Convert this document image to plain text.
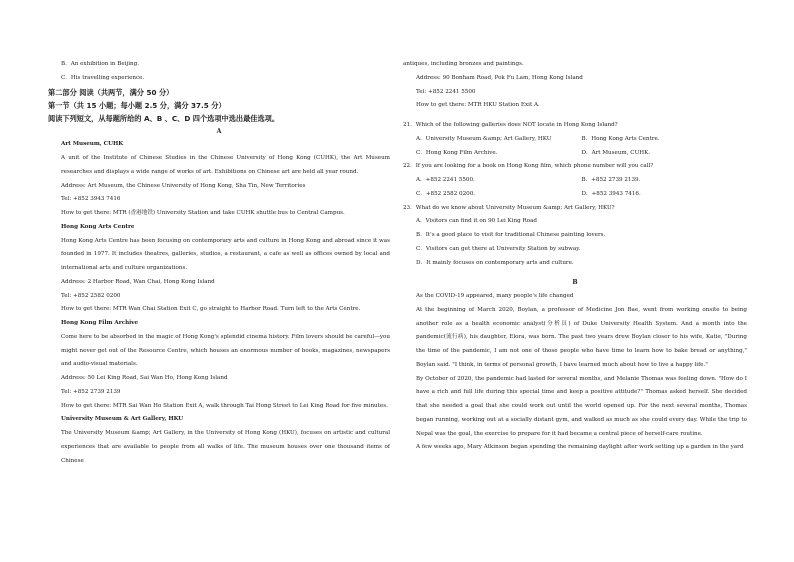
B．An exhibition in Beijing.
C．His travelling experience.
第二部分 阅读（共两节，满分 50 分）
第一节（共 15 小题；每小题 2.5 分，满分 37.5 分）
阅读下列短文，从每题所给的 A、B 、C、D 四个选项中选出最佳选项。
A
Art Museum, CUHK
A unit of the Institute of Chinese Studies in the Chinese University of Hong Kong (CUHK), the Art Museum researches and displays a wide range of works of art. Exhibitions on Chinese art are held all year round.
Address: Art Museum, the Chinese University of Hong Kong, Sha Tin, New Territories
Tel: +852 3943 7416
How to get there: MTR (香港地铁) University Station and take CUHK shuttle bus to Central Campus.
Hong Kong Arts Centre
Hong Kong Arts Centre has been focusing on contemporary arts and culture in Hong Kong and abroad since it was founded in 1977. It includes theatres, galleries, studios, a restaurant, a cafe as well as offices owned by local and international arts and culture organizations.
Address: 2 Harbor Road, Wan Chai, Hong Kong Island
Tel: +852 2582 0200
How to get there: MTR Wan Chai Station Exit C, go straight to Harbor Road. Turn left to the Arts Centre.
Hong Kong Film Archive
Come here to be absorbed in the magic of Hong Kong's splendid cinema history. Film lovers should be careful—you might never get out of the Resource Centre, which houses an enormous number of books, magazines, newspapers and audio-visual materials.
Address: 50 Lei King Road, Sai Wan Ho, Hong Kong Island
Tel: +852 2739 2139
How to get there: MTR Sai Wan Ho Station Exit A, walk through Tai Hong Street to Lei King Road for five minutes.
University Museum & Art Gallery, HKU
The University Museum &amp; Art Gallery, in the University of Hong Kong (HKU), focuses on artistic and cultural experiences that are available to people from all walks of life. The museum houses over one thousand items of Chinese
antiques, including bronzes and paintings.
Address: 90 Bonham Road, Pok Fu Lam, Hong Kong Island
Tel: +852 2241 5500
How to get there: MTR HKU Station Exit A．
21．Which of the following galleries does NOT locate in Hong Kong Island?
A．University Museum &amp; Art Gallery, HKU	B．Hong Kong Arts Centre.
C．Hong Kong Film Archive.	D．Art Museum, CUHK.
22．If you are looking for a book on Hong Kong film, which phone number will you call?
A．+852 2241 5500.	B．+852 2739 2139.
C．+852 2582 0200.	D．+852 3943 7416.
23．What do we know about University Museum &amp; Art Gallery, HKU?
A．Visitors can find it on 90 Lei King Road
B．It's a good place to visit for traditional Chinese painting lovers.
C．Visitors can get there at University Station by subway.
D．It mainly focuses on contemporary arts and culture.
B
As the COVID-19 appeared, many people's life changed
At the beginning of March 2020, Boylan, a professor of Medicine Jon Bae, went from working onsite to being another role as a health economic analyst(分析员) of Duke University Health System. And a month into the pandemic(流行病), his daughter, Elora, was born. The past two years drew Boylan closer to his wife, Katie, "During the time of the pandemic, I am not one of those people who have time to learn how to bake bread or anything," Boylan said. "I think, in terms of personal growth, I have learned much about how to live a happy life."
By October of 2020, the pandemic had lasted for several months, and Melanie Thomas was feeling down. "How do I have a rich and full life during this special time and keep a positive attitude?" Thomas asked herself. She decided that she needed a goal that she could work out until the world opened up. For the next several months, Thomas began running, working out at a socially distant gym, and walked as much as she could every day. While the trip to Nepal was the goal, the exercise to prepare for it had became a central piece of herself-care routine.
A few weeks ago, Mary Atkinson began spending the remaining daylight after work setting up a garden in the yard
